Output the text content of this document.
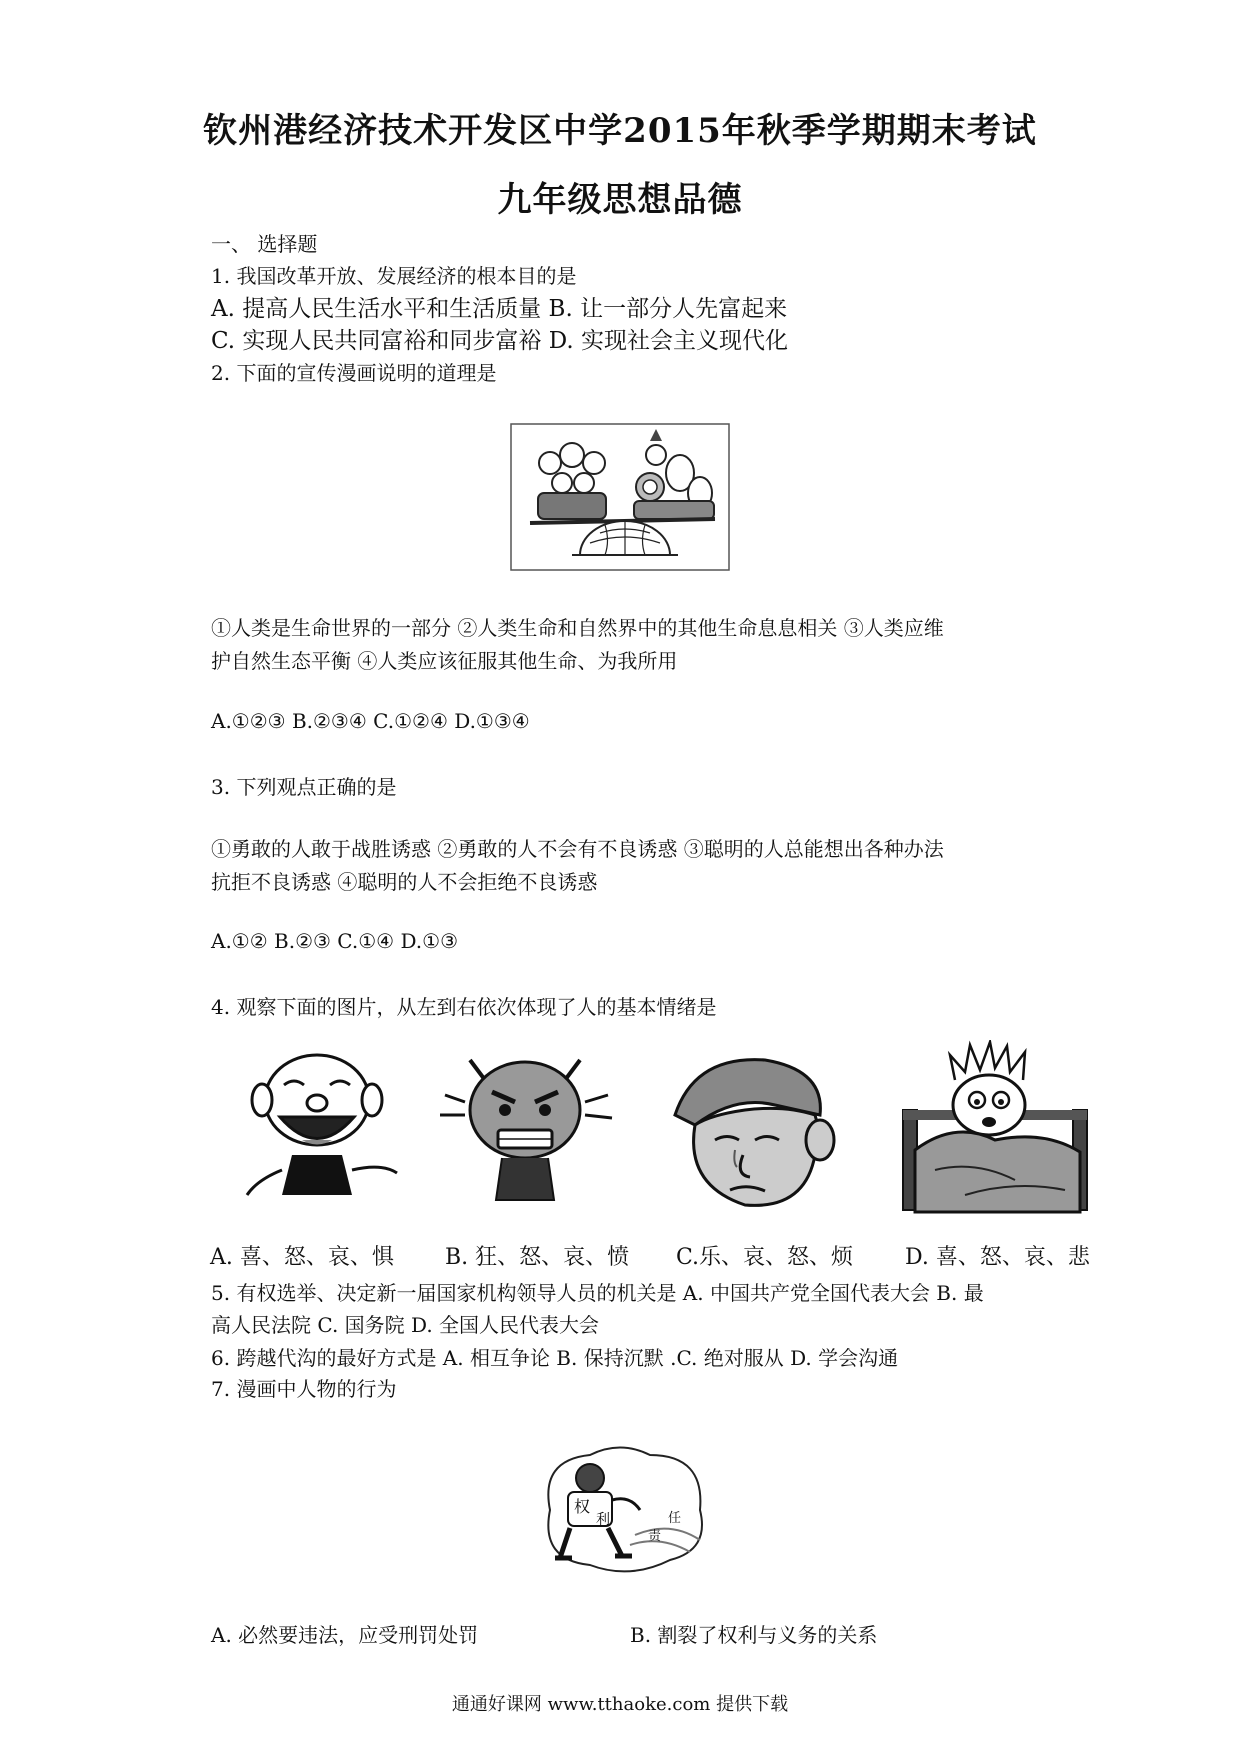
钦州港经济技术开发区中学2015年秋季学期期末考试
九年级思想品德
一、 选择题
1. 我国改革开放、发展经济的根本目的是
A. 提高人民生活水平和生活质量 B. 让一部分人先富起来
C. 实现人民共同富裕和同步富裕 D. 实现社会主义现代化
2. 下面的宣传漫画说明的道理是
①人类是生命世界的一部分 ②人类生命和自然界中的其他生命息息相关 ③人类应维
护自然生态平衡 ④人类应该征服其他生命、为我所用
A.①②③ B.②③④ C.①②④ D.①③④
3. 下列观点正确的是
①勇敢的人敢于战胜诱惑 ②勇敢的人不会有不良诱惑 ③聪明的人总能想出各种办法
抗拒不良诱惑 ④聪明的人不会拒绝不良诱惑
A.①② B.②③ C.①④ D.①③
4. 观察下面的图片，从左到右依次体现了人的基本情绪是
A. 喜、怒、哀、惧 B. 狂、怒、哀、愤 C.乐、哀、怒、烦 D. 喜、怒、哀、悲
5. 有权选举、决定新一届国家机构领导人员的机关是 A. 中国共产党全国代表大会 B. 最
高人民法院 C. 国务院 D. 全国人民代表大会
6. 跨越代沟的最好方式是 A. 相互争论 B. 保持沉默 .C. 绝对服从 D. 学会沟通
7. 漫画中人物的行为
权
利
责
任
A. 必然要违法，应受刑罚处罚	B. 割裂了权利与义务的关系
通通好课网 www.tthaoke.com 提供下载
